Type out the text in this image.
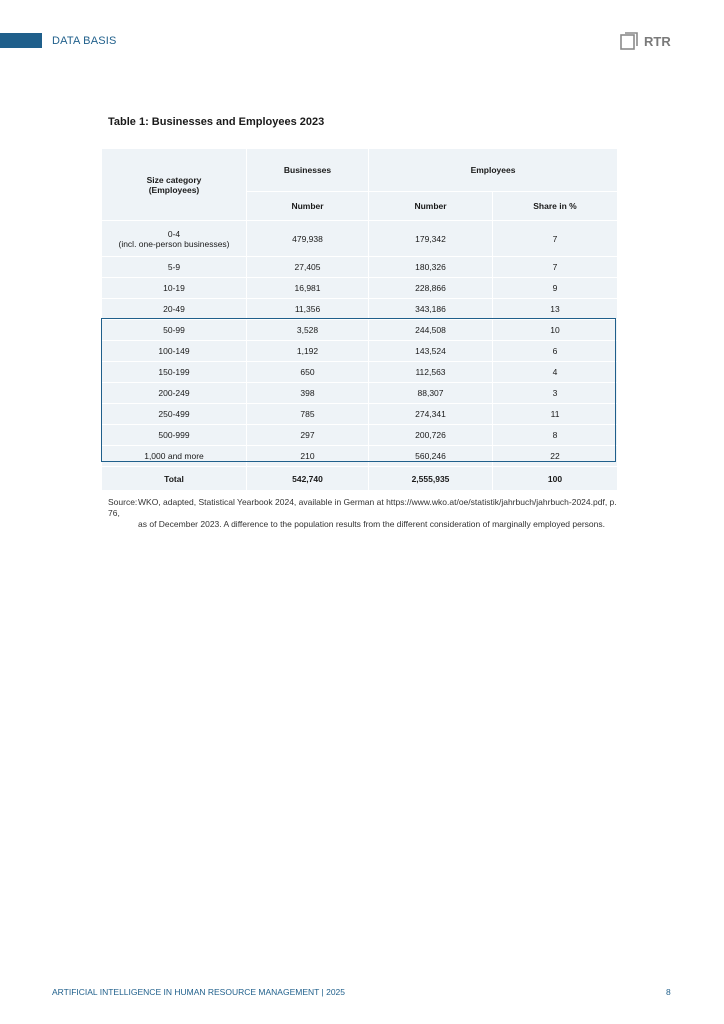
DATA BASIS	RTR
Table 1: Businesses and Employees 2023
Size category
(Employees)	Businesses	Employees	
	Number	Number	Share in %
0-4
(incl. one-person businesses)	479,938	179,342	7
5-9	27,405	180,326	7
10-19	16,981	228,866	9
20-49	11,356	343,186	13
50-99	3,528	244,508	10
100-149	1,192	143,524	6
150-199	650	112,563	4
200-249	398	88,307	3
250-499	785	274,341	11
500-999	297	200,726	8
1,000 and more	210	560,246	22
Total	542,740	2,555,935	100
Source:WKO, adapted, Statistical Yearbook 2024, available in German at https://www.wko.at/oe/statistik/jahrbuch/jahrbuch-2024.pdf, p. 76,
as of December 2023. A difference to the population results from the different consideration of marginally employed persons.
ARTIFICIAL INTELLIGENCE IN HUMAN RESOURCE MANAGEMENT | 2025	8
